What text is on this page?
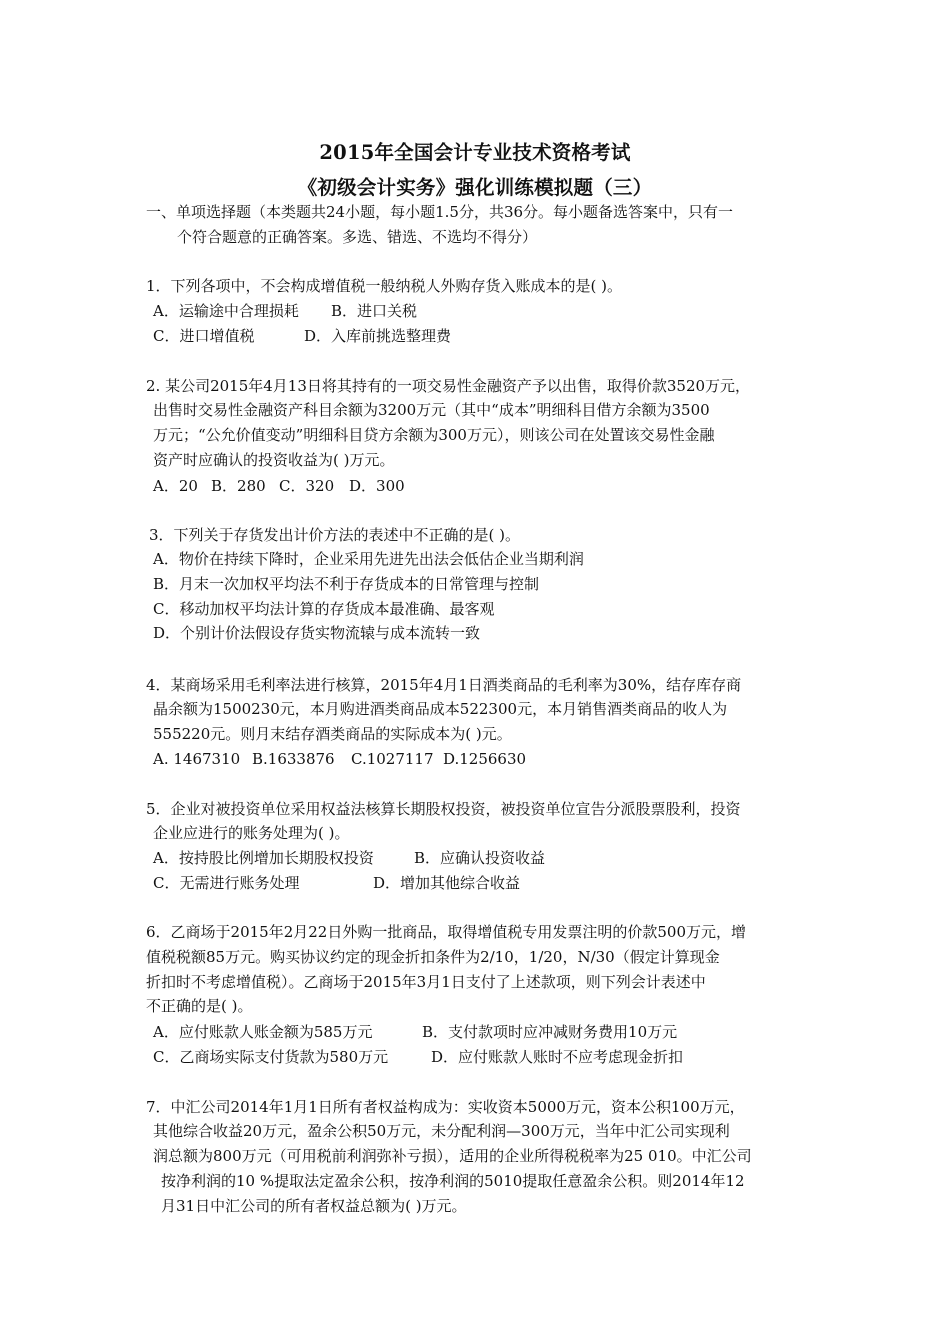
2015年全国会计专业技术资格考试
《初级会计实务》强化训练模拟题（三）
一、单项选择题（本类题共24小题，每小题1.5分，共36分。每小题备选答案中，只有一
个符合题意的正确答案。多选、错选、不选均不得分）
1．下列各项中，不会构成增值税一般纳税人外购存货入账成本的是( )。
A．运输途中合理损耗 B．进口关税
C．进口增值税	D．入库前挑选整理费
2. 某公司2015年4月13日将其持有的一项交易性金融资产予以出售，取得价款3520万元，
出售时交易性金融资产科目余额为3200万元（其中“成本”明细科目借方余额为3500
万元；“公允价值变动”明细科目贷方余额为300万元），则该公司在处置该交易性金融
资产时应确认的投资收益为( )万元。
A．20 B．280 C．320 D．300
3．下列关于存货发出计价方法的表述中不正确的是( )。
A．物价在持续下降时，企业采用先进先出法会低估企业当期利润
B．月末一次加权平均法不利于存货成本的日常管理与控制
C．移动加权平均法计算的存货成本最准确、最客观
D．个别计价法假设存货实物流辕与成本流转一致
4．某商场采用毛利率法进行核算，2015年4月1日酒类商品的毛利率为30%，结存库存商
晶余额为1500230元，本月购进酒类商品成本522300元，本月销售酒类商品的收人为
555220元。则月末结存酒类商品的实际成本为( )元。
A. 1467310 B.1633876 C.1027117 D.1256630
5．企业对被投资单位采用权益法核算长期股权投资，被投资单位宣告分派股票股利，投资
企业应进行的账务处理为( )。
A．按持股比例增加长期股权投资	B．应确认投资收益
C．无需进行账务处理	D．增加其他综合收益
6．乙商场于2015年2月22日外购一批商品，取得增值税专用发票注明的价款500万元，增
值税税额85万元。购买协议约定的现金折扣条件为2/10，1/20，N/30（假定计算现金
折扣时不考虑增值税）。乙商场于2015年3月1日支付了上述款项，则下列会计表述中
不正确的是( )。
A．应付账款人账金额为585万元	B．支付款项时应冲减财务费用10万元
C．乙商场实际支付货款为580万元	D．应付账款人账时不应考虑现金折扣
7．中汇公司2014年1月1日所有者权益构成为：实收资本5000万元，资本公积100万元，
其他综合收益20万元，盈余公积50万元，未分配利润—300万元，当年中汇公司实现利
润总额为800万元（可用税前利润弥补亏损），适用的企业所得税税率为25 010。中汇公司
按净利润的10 %提取法定盈余公积，按净利润的5010提取任意盈余公积。则2014年12
月31日中汇公司的所有者权益总额为( )万元。
